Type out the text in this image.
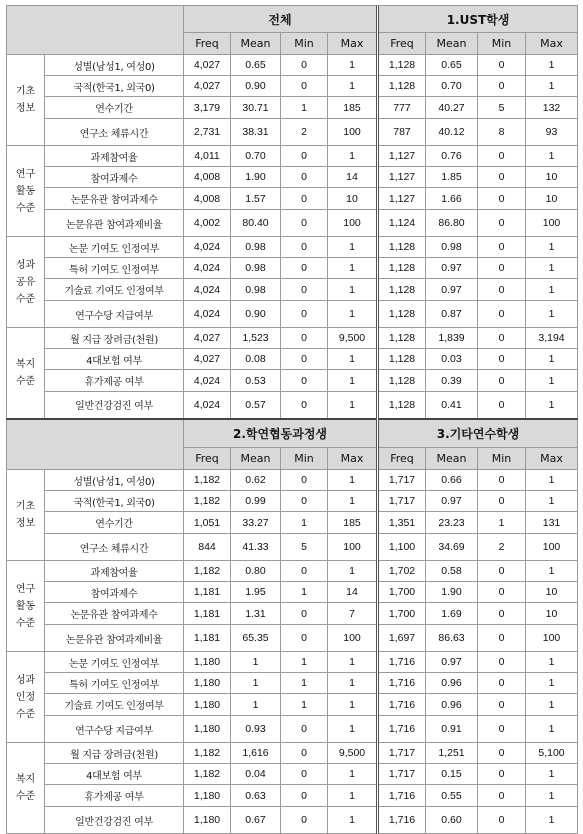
		전체				1.UST학생			
		Freq	Mean	Min	Max	Freq	Mean	Min	Max
기초
정보	성별(남성1, 여성0)	4,027	0.65	0	1	1,128	0.65	0	1
	국적(한국1, 외국0)	4,027	0.90	0	1	1,128	0.70	0	1
	연수기간	3,179	30.71	1	185	777	40.27	5	132
	연구소 체류시간	2,731	38.31	2	100	787	40.12	8	93
연구
활동
수준	과제참여율	4,011	0.70	0	1	1,127	0.76	0	1
	참여과제수	4,008	1.90	0	14	1,127	1.85	0	10
	논문유관 참여과제수	4,008	1.57	0	10	1,127	1.66	0	10
	논문유관 참여과제비율	4,002	80.40	0	100	1,124	86.80	0	100
성과
공유
수준	논문 기여도 인정여부	4,024	0.98	0	1	1,128	0.98	0	1
	특허 기여도 인정여부	4,024	0.98	0	1	1,128	0.97	0	1
	기술료 기여도 인정여부	4,024	0.98	0	1	1,128	0.97	0	1
	연구수당 지급여부	4,024	0.90	0	1	1,128	0.87	0	1
복지
수준	월 지급 장려금(천원)	4,027	1,523	0	9,500	1,128	1,839	0	3,194
	4대보험 여부	4,027	0.08	0	1	1,128	0.03	0	1
	휴가제공 여부	4,024	0.53	0	1	1,128	0.39	0	1
	일반건강검진 여부	4,024	0.57	0	1	1,128	0.41	0	1
		2.학연협동과정생				3.기타연수학생			
		Freq	Mean	Min	Max	Freq	Mean	Min	Max
기초
정보	성별(남성1, 여성0)	1,182	0.62	0	1	1,717	0.66	0	1
	국적(한국1, 외국0)	1,182	0.99	0	1	1,717	0.97	0	1
	연수기간	1,051	33.27	1	185	1,351	23.23	1	131
	연구소 체류시간	844	41.33	5	100	1,100	34.69	2	100
연구
활동
수준	과제참여율	1,182	0.80	0	1	1,702	0.58	0	1
	참여과제수	1,181	1.95	1	14	1,700	1.90	0	10
	논문유관 참여과제수	1,181	1.31	0	7	1,700	1.69	0	10
	논문유관 참여과제비율	1,181	65.35	0	100	1,697	86.63	0	100
성과
인정
수준	논문 기여도 인정여부	1,180	1	1	1	1,716	0.97	0	1
	특허 기여도 인정여부	1,180	1	1	1	1,716	0.96	0	1
	기술료 기여도 인정여부	1,180	1	1	1	1,716	0.96	0	1
	연구수당 지급여부	1,180	0.93	0	1	1,716	0.91	0	1
복지
수준	월 지급 장려금(천원)	1,182	1,616	0	9,500	1,717	1,251	0	5,100
	4대보험 여부	1,182	0.04	0	1	1,717	0.15	0	1
	휴가제공 여부	1,180	0.63	0	1	1,716	0.55	0	1
	일반건강검진 여부	1,180	0.67	0	1	1,716	0.60	0	1
